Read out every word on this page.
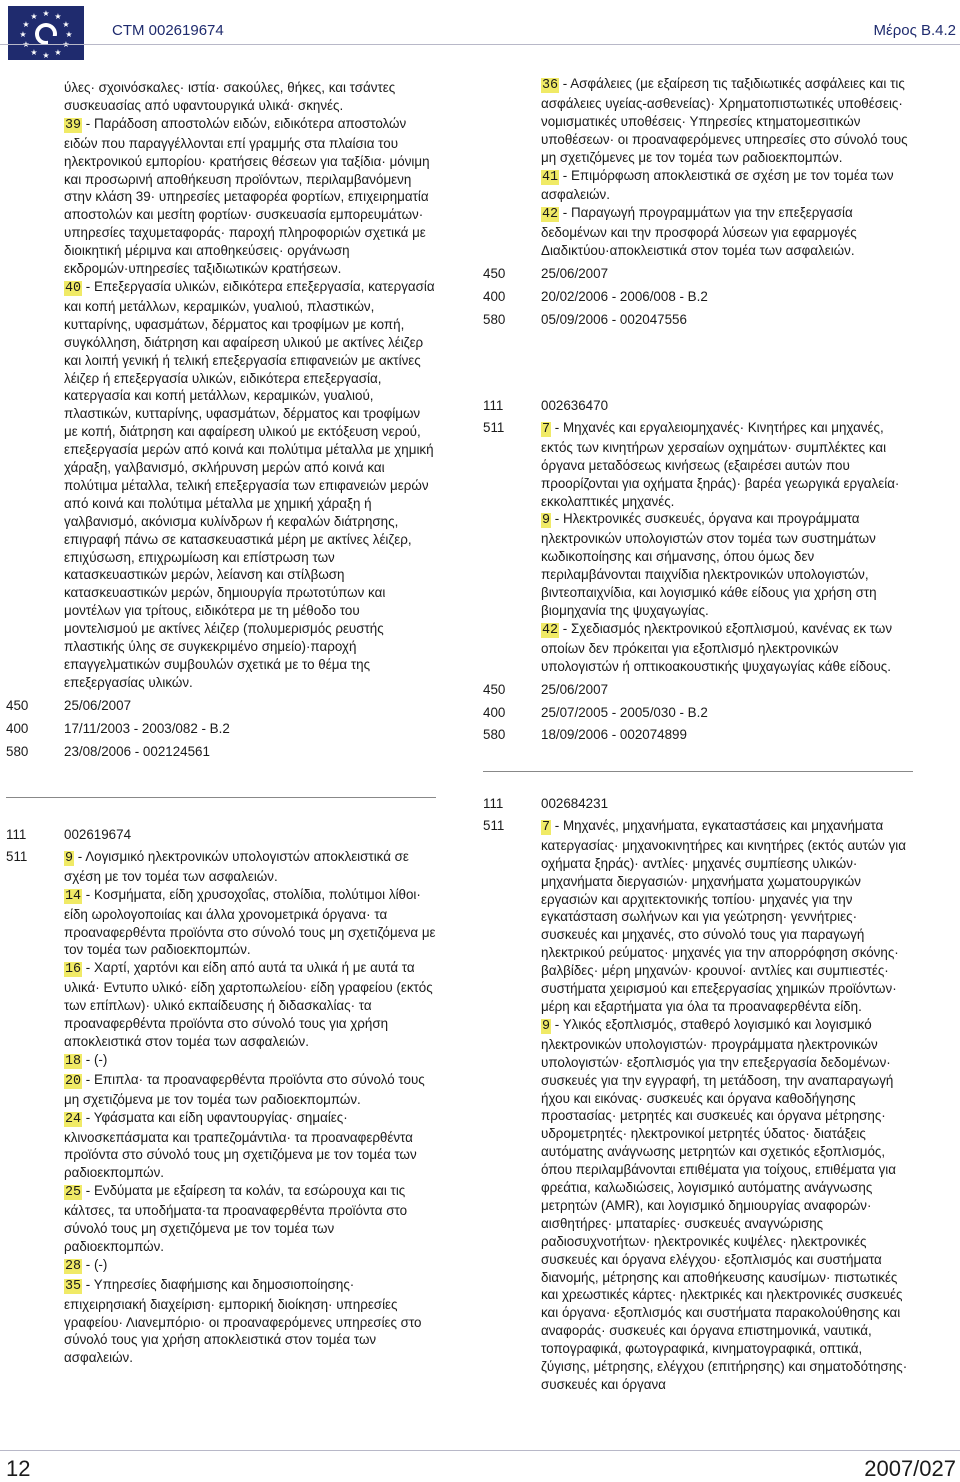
★ ★
★
★
★
★
★
★
★
★
★
★
CTM 002619674	Μέρος Β.4.2
ύλες· σχοινόσκαλες· ιστία· σακούλες, θήκες, και τσάντες συσκευασίας από υφαντουργικά υλικά· σκηνές.
39 - Παράδοση αποστολών ειδών, ειδικότερα αποστολών ειδών που παραγγέλλονται επί γραμμής στα πλαίσια του ηλεκτρονικού εμπορίου· κρατήσεις θέσεων για ταξίδια· μόνιμη και προσωρινή αποθήκευση προϊόντων, περιλαμβανόμενη στην κλάση 39· υπηρεσίες μεταφορέα φορτίων, επιχειρηματία αποστολών και μεσίτη φορτίων· συσκευασία εμπορευμάτων· υπηρεσίες ταχυμεταφοράς· παροχή πληροφοριών σχετικά με διοικητική μέριμνα και αποθηκεύσεις· οργάνωση εκδρομών·υπηρεσίες ταξιδιωτικών κρατήσεων.
40 - Επεξεργασία υλικών, ειδικότερα επεξεργασία, κατεργασία και κοπή μετάλλων, κεραμικών, γυαλιού, πλαστικών, κυτταρίνης, υφασμάτων, δέρματος και τροφίμων με κοπή, συγκόλληση, διάτρηση και αφαίρεση υλικού με ακτίνες λέιζερ και λοιπή γενική ή τελική επεξεργασία επιφανειών με ακτίνες λέιζερ ή επεξεργασία υλικών, ειδικότερα επεξεργασία, κατεργασία και κοπή μετάλλων, κεραμικών, γυαλιού, πλαστικών, κυτταρίνης, υφασμάτων, δέρματος και τροφίμων με κοπή, διάτρηση και αφαίρεση υλικού με εκτόξευση νερού, επεξεργασία μερών από κοινά και πολύτιμα μέταλλα με χημική χάραξη, γαλβανισμό, σκλήρυνση μερών από κοινά και πολύτιμα μέταλλα, τελική επεξεργασία των επιφανειών μερών από κοινά και πολύτιμα μέταλλα με χημική χάραξη ή γαλβανισμό, ακόνισμα κυλίνδρων ή κεφαλών διάτρησης, επιγραφή πάνω σε κατασκευαστικά μέρη με ακτίνες λέιζερ, επιχύσωση, επιχρωμίωση και επίστρωση των κατασκευαστικών μερών, λείανση και στίλβωση κατασκευαστικών μερών, δημιουργία πρωτοτύπων και μοντέλων για τρίτους, ειδικότερα με τη μέθοδο του μοντελισμού με ακτίνες λέιζερ (πολυμερισμός ρευστής πλαστικής ύλης σε συγκεκριμένο σημείο)·παροχή επαγγελματικών συμβουλών σχετικά με το θέμα της επεξεργασίας υλικών.
450	25/06/2007
400	17/11/2003 - 2003/082 - B.2
580	23/08/2006 - 002124561
111	002619674
511	9 - Λογισμικό ηλεκτρονικών υπολογιστών αποκλειστικά σε σχέση με τον τομέα των ασφαλειών.
14 - Κοσμήματα, είδη χρυσοχοΐας, στολίδια, πολύτιμοι λίθοι· είδη ωρολογοποιίας και άλλα χρονομετρικά όργανα· τα προαναφερθέντα προϊόντα στο σύνολό τους μη σχετιζόμενα με τον τομέα των ραδιοεκπομπών.
16 - Χαρτί, χαρτόνι και είδη από αυτά τα υλικά ή με αυτά τα υλικά· Εντυπο υλικό· είδη χαρτοπωλείου· είδη γραφείου (εκτός των επίπλων)· υλικό εκπαίδευσης ή διδασκαλίας· τα προαναφερθέντα προϊόντα στο σύνολό τους για χρήση αποκλειστικά στον τομέα των ασφαλειών.
18 - (-)
20 - Επιπλα· τα προαναφερθέντα προϊόντα στο σύνολό τους μη σχετιζόμενα με τον τομέα των ραδιοεκπομπών.
24 - Υφάσματα και είδη υφαντουργίας· σημαίες· κλινοσκεπάσματα και τραπεζομάντιλα· τα προαναφερθέντα προϊόντα στο σύνολό τους μη σχετιζόμενα με τον τομέα των ραδιοεκπομπών.
25 - Ενδύματα με εξαίρεση τα κολάν, τα εσώρουχα και τις κάλτσες, τα υποδήματα·τα προαναφερθέντα προϊόντα στο σύνολό τους μη σχετιζόμενα με τον τομέα των ραδιοεκπομπών.
28 - (-)
35 - Υπηρεσίες διαφήμισης και δημοσιοποίησης· επιχειρησιακή διαχείριση· εμπορική διοίκηση· υπηρεσίες γραφείου· Λιανεμπόριο· οι προαναφερόμενες υπηρεσίες στο σύνολό τους για χρήση αποκλειστικά στον τομέα των ασφαλειών.
36 - Ασφάλειες (με εξαίρεση τις ταξιδιωτικές ασφάλειες και τις ασφάλειες υγείας-ασθενείας)· Χρηματοπιστωτικές υποθέσεις· νομισματικές υποθέσεις· Υπηρεσίες κτηματομεσιτικών υποθέσεων· οι προαναφερόμενες υπηρεσίες στο σύνολό τους μη σχετιζόμενες με τον τομέα των ραδιοεκπομπών.
41 - Επιμόρφωση αποκλειστικά σε σχέση με τον τομέα των ασφαλειών.
42 - Παραγωγή προγραμμάτων για την επεξεργασία δεδομένων και την προσφορά λύσεων για εφαρμογές Διαδικτύου·αποκλειστικά στον τομέα των ασφαλειών.
450	25/06/2007
400	20/02/2006 - 2006/008 - B.2
580	05/09/2006 - 002047556
111	002636470
511	7 - Μηχανές και εργαλειομηχανές· Κινητήρες και μηχανές, εκτός των κινητήρων χερσαίων οχημάτων· συμπλέκτες και όργανα μεταδόσεως κινήσεως (εξαιρέσει αυτών που προορίζονται για οχήματα ξηράς)· βαρέα γεωργικά εργαλεία· εκκολαπτικές μηχανές.
9 - Ηλεκτρονικές συσκευές, όργανα και προγράμματα ηλεκτρονικών υπολογιστών στον τομέα των συστημάτων κωδικοποίησης και σήμανσης, όπου όμως δεν περιλαμβάνονται παιχνίδια ηλεκτρονικών υπολογιστών, βιντεοπαιχνίδια, και λογισμικό κάθε είδους για χρήση στη βιομηχανία της ψυχαγωγίας.
42 - Σχεδιασμός ηλεκτρονικού εξοπλισμού, κανένας εκ των οποίων δεν πρόκειται για εξοπλισμό ηλεκτρονικών υπολογιστών ή οπτικοακουστικής ψυχαγωγίας κάθε είδους.
450	25/06/2007
400	25/07/2005 - 2005/030 - B.2
580	18/09/2006 - 002074899
111	002684231
511	7 - Μηχανές, μηχανήματα, εγκαταστάσεις και μηχανήματα κατεργασίας· μηχανοκινητήρες και κινητήρες (εκτός αυτών για οχήματα ξηράς)· αντλίες· μηχανές συμπίεσης υλικών· μηχανήματα διεργασιών· μηχανήματα χωματουργικών εργασιών και αρχιτεκτονικής τοπίου· μηχανές για την εγκατάσταση σωλήνων και για γεώτρηση· γεννήτριες· συσκευές και μηχανές, στο σύνολό τους για παραγωγή ηλεκτρικού ρεύματος· μηχανές για την απορρόφηση σκόνης· βαλβίδες· μέρη μηχανών· κρουνοί· αντλίες και συμπιεστές· συστήματα χειρισμού και επεξεργασίας χημικών προϊόντων· μέρη και εξαρτήματα για όλα τα προαναφερθέντα είδη.
9 - Υλικός εξοπλισμός, σταθερό λογισμικό και λογισμικό ηλεκτρονικών υπολογιστών· προγράμματα ηλεκτρονικών υπολογιστών· εξοπλισμός για την επεξεργασία δεδομένων· συσκευές για την εγγραφή, τη μετάδοση, την αναπαραγωγή ήχου και εικόνας· συσκευές και όργανα καθοδήγησης προστασίας· μετρητές και συσκευές και όργανα μέτρησης· υδρομετρητές· ηλεκτρονικοί μετρητές ύδατος· διατάξεις αυτόματης ανάγνωσης μετρητών και σχετικός εξοπλισμός, όπου περιλαμβάνονται επιθέματα για τοίχους, επιθέματα για φρεάτια, καλωδιώσεις, λογισμικό αυτόματης ανάγνωσης μετρητών (AMR), και λογισμικό δημιουργίας αναφορών· αισθητήρες· μπαταρίες· συσκευές αναγνώρισης ραδιοσυχνοτήτων· ηλεκτρονικές κυψέλες· ηλεκτρονικές συσκευές και όργανα ελέγχου· εξοπλισμός και συστήματα διανομής, μέτρησης και αποθήκευσης καυσίμων· πιστωτικές και χρεωστικές κάρτες· ηλεκτρικές και ηλεκτρονικές συσκευές και όργανα· εξοπλισμός και συστήματα παρακολούθησης και αναφοράς· συσκευές και όργανα επιστημονικά, ναυτικά, τοπογραφικά, φωτογραφικά, κινηματογραφικά, οπτικά, ζύγισης, μέτρησης, ελέγχου (επιτήρησης) και σηματοδότησης· συσκευές και όργανα
12	2007/027
